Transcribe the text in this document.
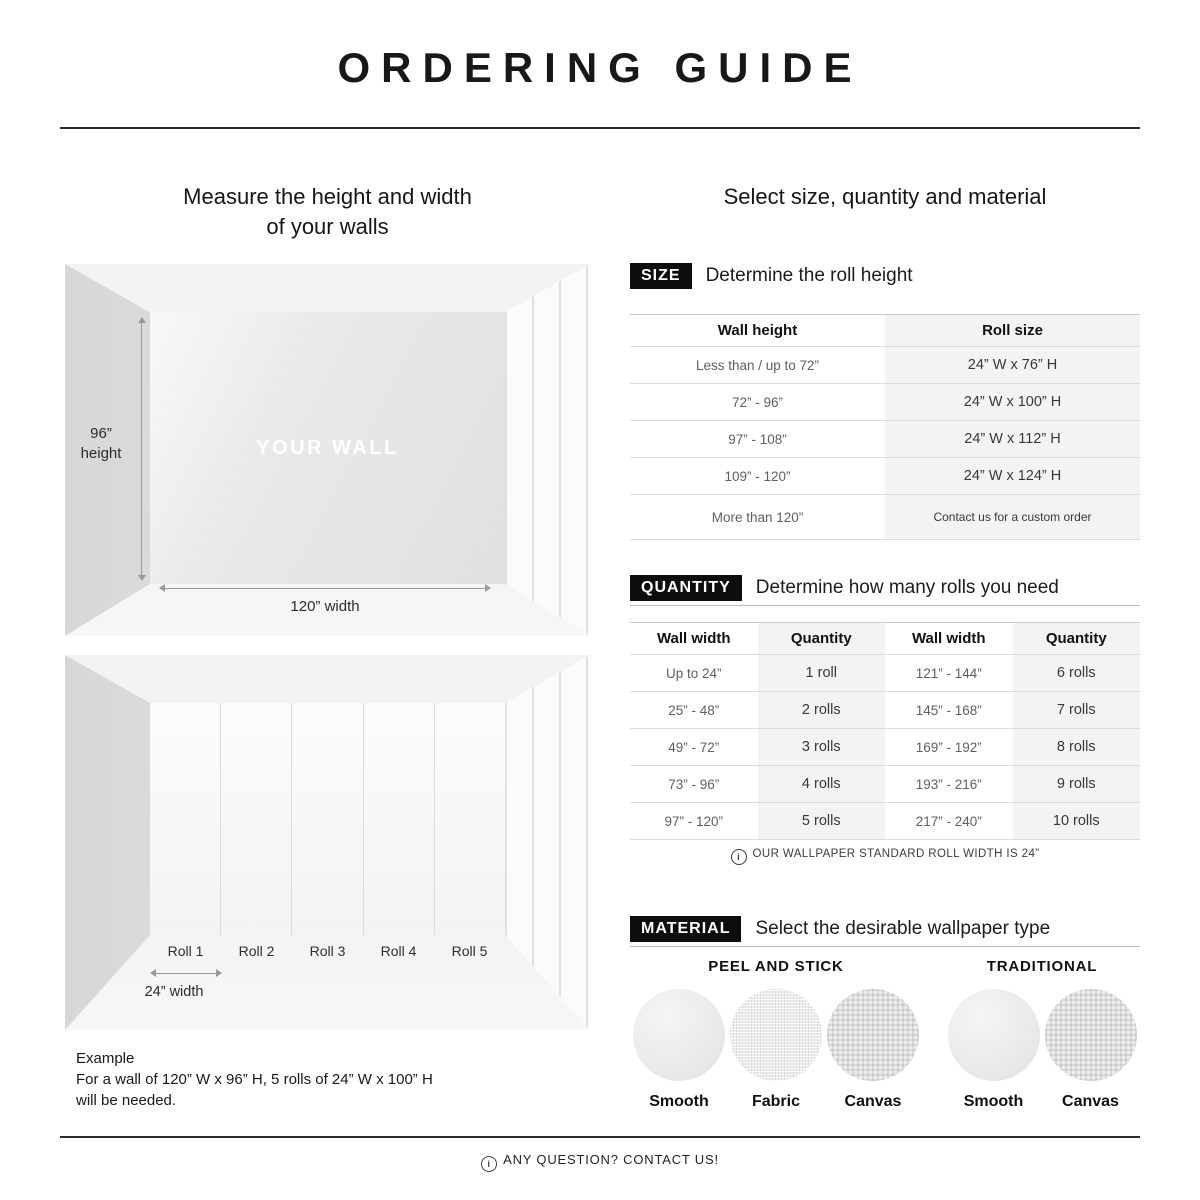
ORDERING GUIDE
Measure the height and width
of your walls
YOUR WALL
96”
height
120” width
Roll 1	Roll 2	Roll 3	Roll 4	Roll 5
24” width
Example
For a wall of 120” W x 96” H, 5 rolls of 24” W x 100” H
will be needed.
Select size, quantity and material
SIZE	Determine the roll height
Wall height	Roll size
Less than / up to 72”	24” W x 76” H
72” - 96”	24” W x 100” H
97” - 108”	24” W x 112” H
109” - 120”	24” W x 124” H
More than 120”	Contact us for a custom order
QUANTITY	Determine how many rolls you need
Wall width	Quantity	Wall width	Quantity
Up to 24”	1 roll	121” - 144”	6 rolls
25” - 48”	2 rolls	145” - 168”	7 rolls
49” - 72”	3 rolls	169” - 192”	8 rolls
73” - 96”	4 rolls	193” - 216”	9 rolls
97” - 120”	5 rolls	217” - 240”	10 rolls
i OUR WALLPAPER STANDARD ROLL WIDTH IS 24”
MATERIAL	Select the desirable wallpaper type
PEEL AND STICK
Smooth	Fabric	Canvas
TRADITIONAL
Smooth	Canvas
i ANY QUESTION? CONTACT US!
